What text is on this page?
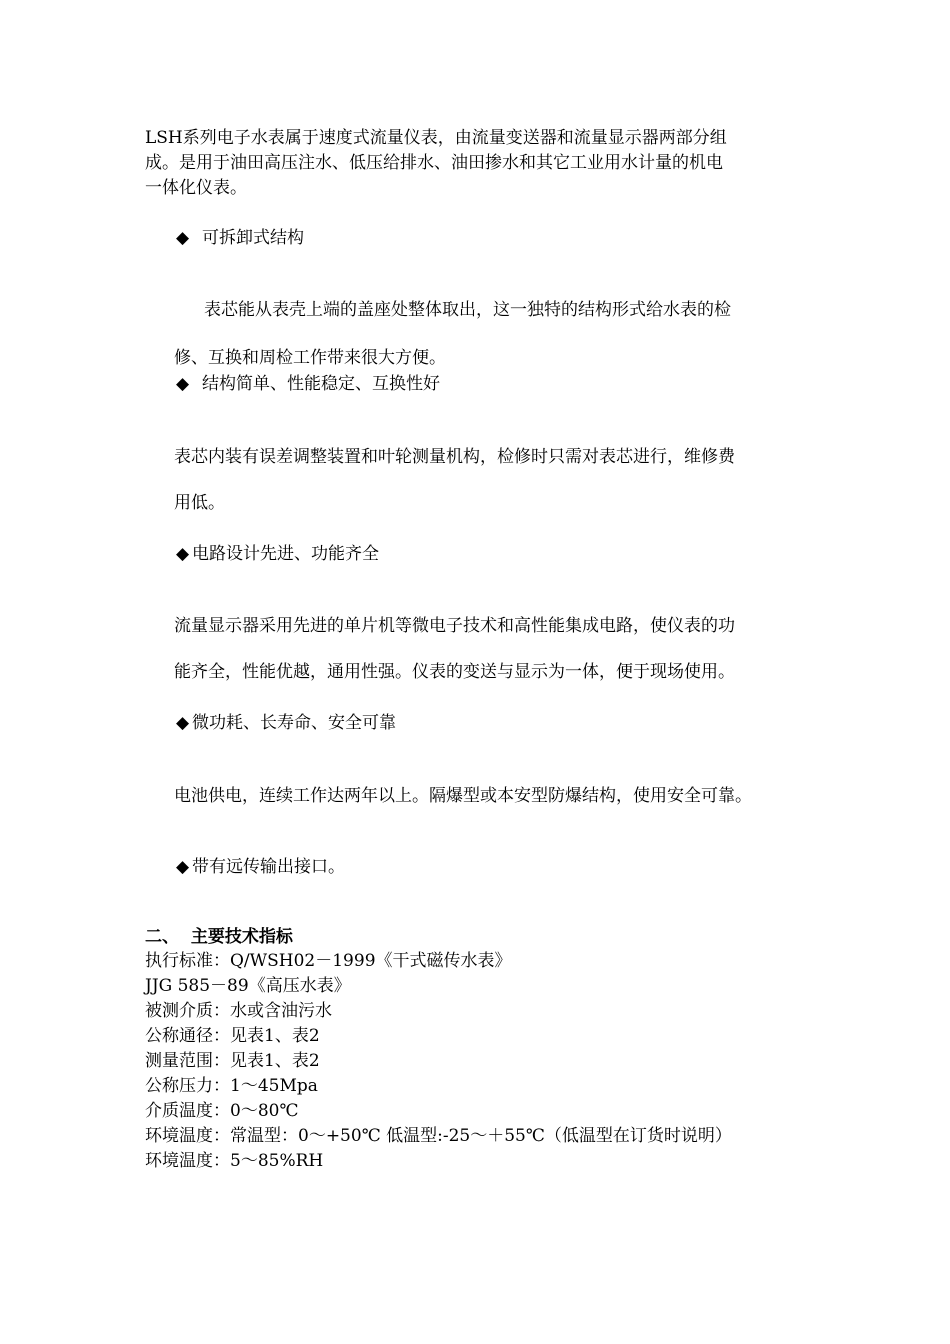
LSH系列电子水表属于速度式流量仪表，由流量变送器和流量显示器两部分组
成。是用于油田高压注水、低压给排水、油田掺水和其它工业用水计量的机电
一体化仪表。
◆ 可拆卸式结构
表芯能从表壳上端的盖座处整体取出，这一独特的结构形式给水表的检
修、互换和周检工作带来很大方便。
◆ 结构简单、性能稳定、互换性好
表芯内装有误差调整装置和叶轮测量机构，检修时只需对表芯进行，维修费
用低。
◆ 电路设计先进、功能齐全
流量显示器采用先进的单片机等微电子技术和高性能集成电路，使仪表的功
能齐全，性能优越，通用性强。仪表的变送与显示为一体，便于现场使用。
◆ 微功耗、长寿命、安全可靠
电池供电，连续工作达两年以上。隔爆型或本安型防爆结构，使用安全可靠。
◆ 带有远传输出接口。
二、  主要技术指标
执行标准：Q/WSH02－1999《干式磁传水表》
JJG 585－89《高压水表》
被测介质：水或含油污水
公称通径：见表1、表2
测量范围：见表1、表2
公称压力：1～45Mpa
介质温度：0～80℃
环境温度：常温型：0～+50℃ 低温型:-25～＋55℃（低温型在订货时说明）
环境温度：5～85%RH
